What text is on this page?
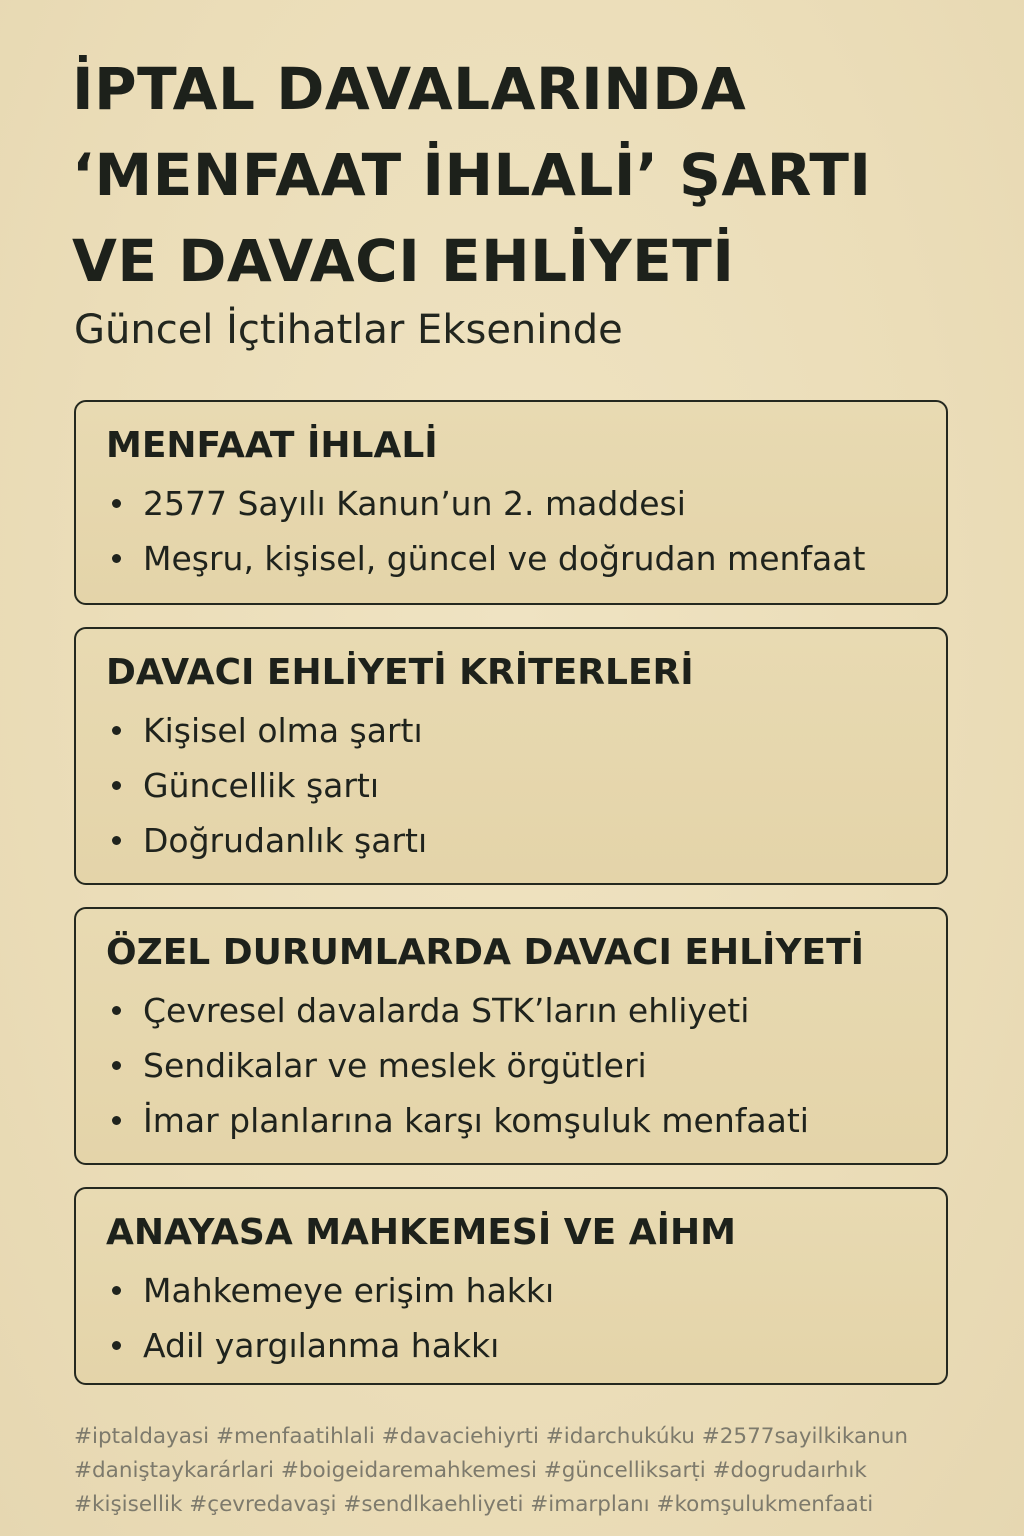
İPTAL DAVALARINDA
‘MENFAAT İHLALİ’ ŞARTI
VE DAVACI EHLİYETİ

Güncel İçtihatlar Ekseninde

MENFAAT İHLALİ
2577 Sayılı Kanun’un 2. maddesi
Meşru, kişisel, güncel ve doğrudan menfaat
DAVACI EHLİYETİ KRİTERLERİ
Kişisel olma şartı
Güncellik şartı
Doğrudanlık şartı
ÖZEL DURUMLARDA DAVACI EHLİYETİ
Çevresel davalarda STK’ların ehliyeti
Sendikalar ve meslek örgütleri
İmar planlarına karşı komşuluk menfaati
ANAYASA MAHKEMESİ VE AİHM
Mahkemeye erişim hakkı
Adil yargılanma hakkı

#iptaldayasi #menfaatihlali #davaciehiyrti #idarchukúku #2577sayilkikanun
#daniştaykarárlari #boigeidaremahkemesi #güncelliksarṭi #dogrudaırhık
#kişisellik #çevredavaşi #sendlkaehliyeti #imarplanı #komşulukmenfaati
